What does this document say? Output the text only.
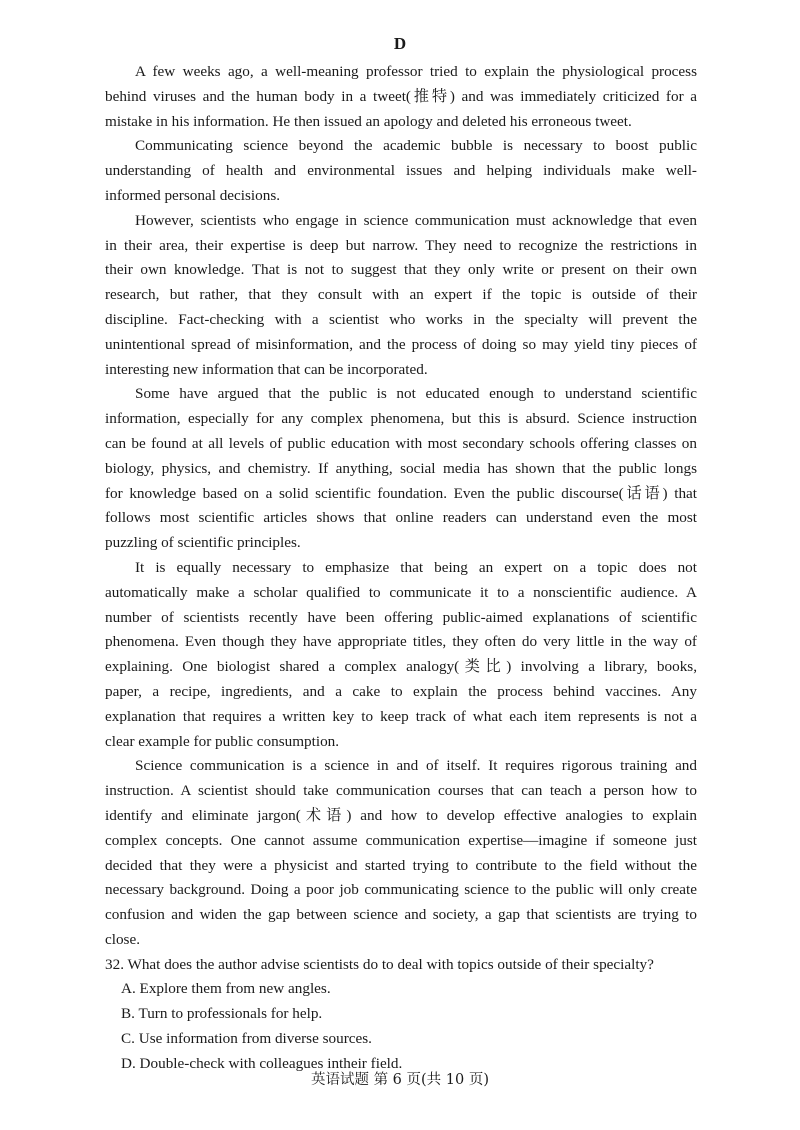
D
A few weeks ago, a well-meaning professor tried to explain the physiological process
behind viruses and the human body in a tweet(推特) and was immediately criticized for a
mistake in his information. He then issued an apology and deleted his erroneous tweet.
Communicating science beyond the academic bubble is necessary to boost public
understanding of health and environmental issues and helping individuals make well-
informed personal decisions.
However, scientists who engage in science communication must acknowledge that even
in their area, their expertise is deep but narrow. They need to recognize the restrictions in
their own knowledge. That is not to suggest that they only write or present on their own
research, but rather, that they consult with an expert if the topic is outside of their
discipline. Fact-checking with a scientist who works in the specialty will prevent the
unintentional spread of misinformation, and the process of doing so may yield tiny pieces of
interesting new information that can be incorporated.
Some have argued that the public is not educated enough to understand scientific
information, especially for any complex phenomena, but this is absurd. Science instruction
can be found at all levels of public education with most secondary schools offering classes on
biology, physics, and chemistry. If anything, social media has shown that the public longs
for knowledge based on a solid scientific foundation. Even the public discourse(话语) that
follows most scientific articles shows that online readers can understand even the most
puzzling of scientific principles.
It is equally necessary to emphasize that being an expert on a topic does not
automatically make a scholar qualified to communicate it to a nonscientific audience. A
number of scientists recently have been offering public-aimed explanations of scientific
phenomena. Even though they have appropriate titles, they often do very little in the way of
explaining. One biologist shared a complex analogy(类比) involving a library, books,
paper, a recipe, ingredients, and a cake to explain the process behind vaccines. Any
explanation that requires a written key to keep track of what each item represents is not a
clear example for public consumption.
Science communication is a science in and of itself. It requires rigorous training and
instruction. A scientist should take communication courses that can teach a person how to
identify and eliminate jargon(术语) and how to develop effective analogies to explain
complex concepts. One cannot assume communication expertise—imagine if someone just
decided that they were a physicist and started trying to contribute to the field without the
necessary background. Doing a poor job communicating science to the public will only create
confusion and widen the gap between science and society, a gap that scientists are trying to
close.
32. What does the author advise scientists do to deal with topics outside of their specialty?
A. Explore them from new angles.
B. Turn to professionals for help.
C. Use information from diverse sources.
D. Double-check with colleagues intheir field.
英语试题 第 6 页(共 10 页)
